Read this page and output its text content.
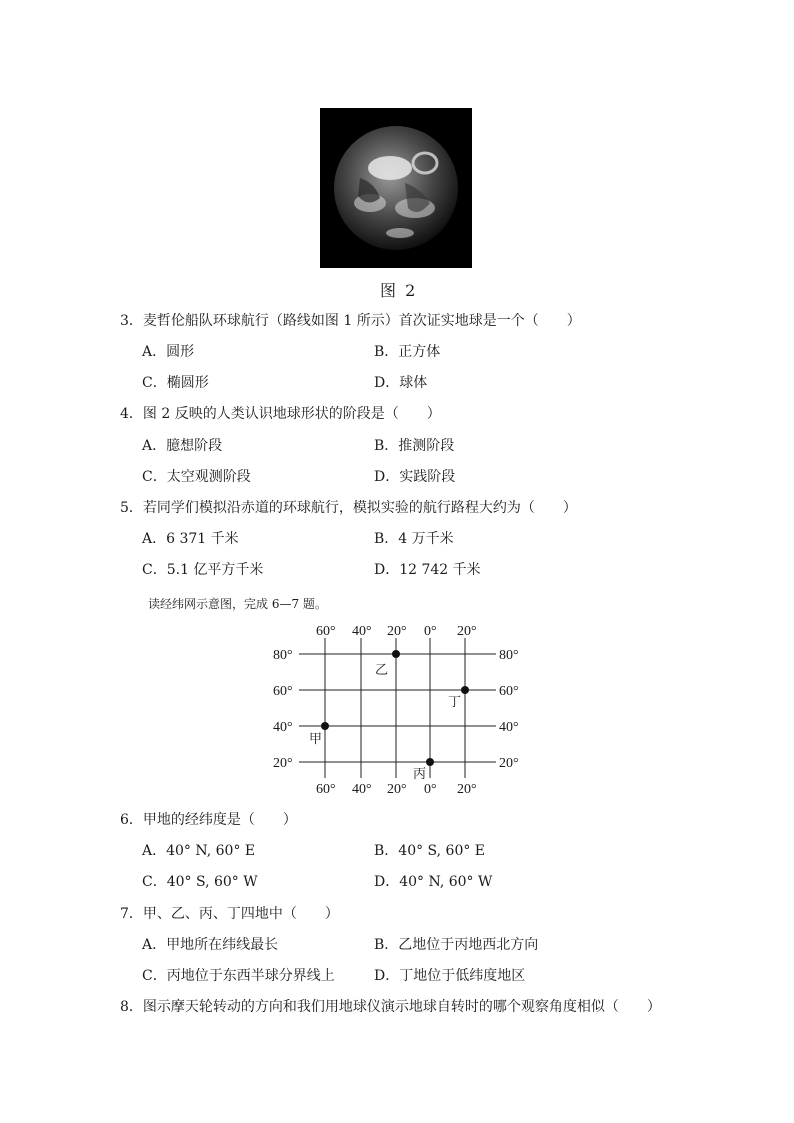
图 2
3．麦哲伦船队环球航行（路线如图 1 所示）首次证实地球是一个（　　）
A．圆形	B．正方体
C．椭圆形	D．球体
4．图 2 反映的人类认识地球形状的阶段是（　　）
A．臆想阶段	B．推测阶段
C．太空观测阶段	D．实践阶段
5．若同学们模拟沿赤道的环球航行，模拟实验的航行路程大约为（　　）
A．6 371 千米	B．4 万千米
C．5.1 亿平方千米	D．12 742 千米
读经纬网示意图，完成 6—7 题。
60° 40° 20° 0° 20°
60° 40° 20° 0° 20°
80°
60°
40°
20°
80°
60°
40°
20°
甲
乙
丙
丁
6．甲地的经纬度是（　　）
A．40° N, 60° E	B．40° S, 60° E
C．40° S, 60° W	D．40° N, 60° W
7．甲、乙、丙、丁四地中（　　）
A．甲地所在纬线最长	B．乙地位于丙地西北方向
C．丙地位于东西半球分界线上	D．丁地位于低纬度地区
8．图示摩天轮转动的方向和我们用地球仪演示地球自转时的哪个观察角度相似（　　）
